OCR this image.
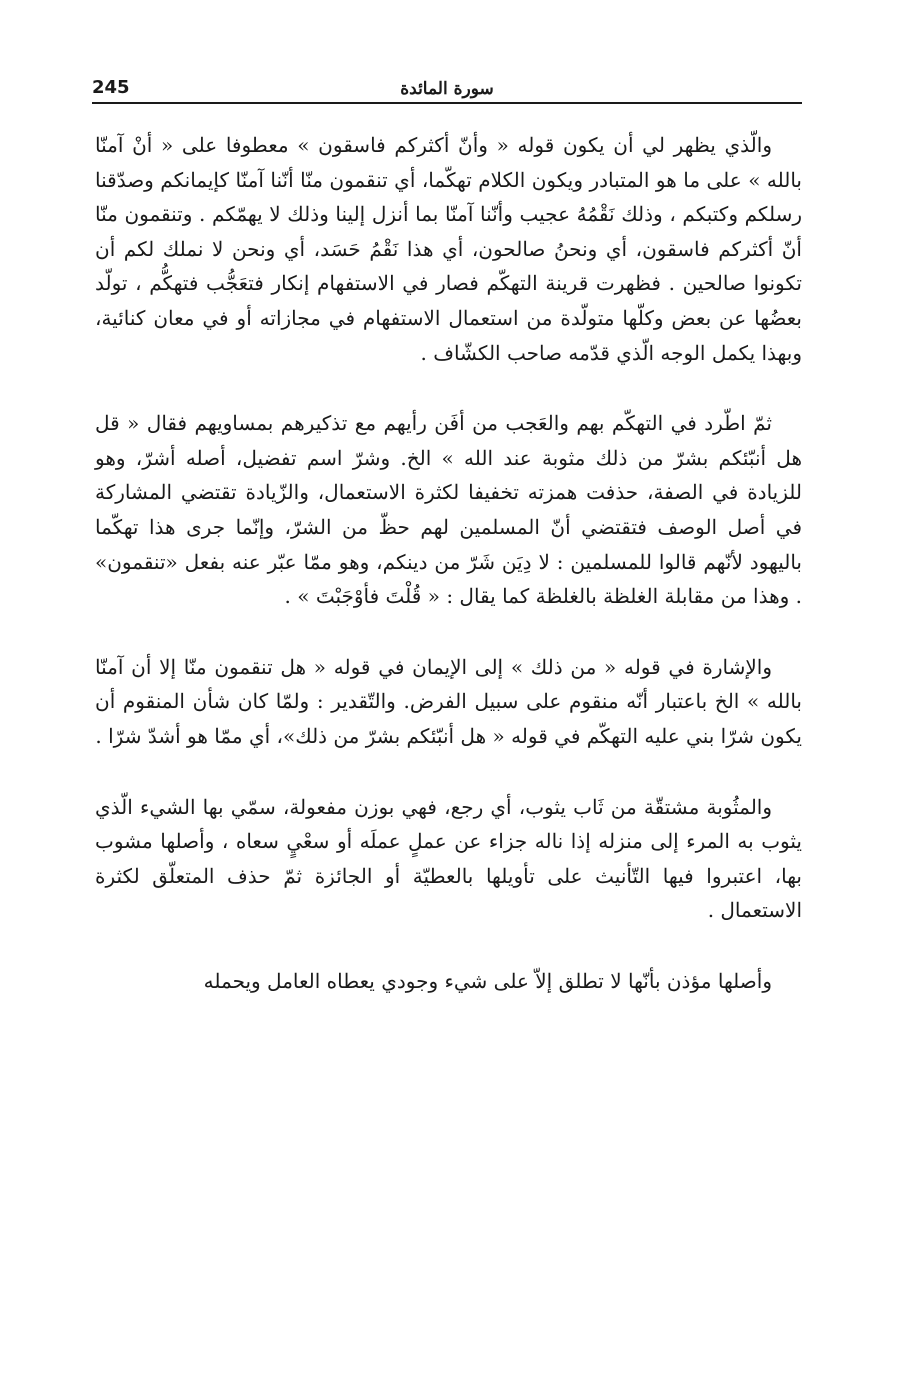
سورة المائدة
245

والّذي يظهر لي أن يكون قوله « وأنّ أكثركم فاسقون » معطوفا على « أنْ آمنّا بالله » على ما هو المتبادر ويكون الكلام تهكّما، أي تنقمون منّا أنّنا آمنّا كإيمانكم وصدّقنا رسلكم وكتبكم ، وذلك نَقْمُهُ عجيب وأنّنا آمنّا بما أنزل إلينا وذلك لا يهمّكم . وتنقمون منّا أنّ أكثركم فاسقون، أي ونحنُ صالحون، أي هذا نَقْمُ حَسَد، أي ونحن لا نملك لكم أن تكونوا صالحين . فظهرت قرينة التهكّم فصار في الاستفهام إنكار فتعَجُّب فتهكُّم ، تولّد بعضُها عن بعض وكلّها متولّدة من استعمال الاستفهام في مجازاته أو في معان كنائية، وبهذا يكمل الوجه الّذي قدّمه صاحب الكشّاف .

ثمّ اطّرد في التهكّم بهم والعَجب من أفَن رأيهم مع تذكيرهم بمساويهم فقال « قل هل أنبّئكم بشرّ من ذلك مثوبة عند الله » الخ. وشرّ اسم تفضيل، أصله أشرّ، وهو للزيادة في الصفة، حذفت همزته تخفيفا لكثرة الاستعمال، والزّيادة تقتضي المشاركة في أصل الوصف فتقتضي أنّ المسلمين لهم حظّ من الشرّ، وإنّما جرى هذا تهكّما باليهود لأنّهم قالوا للمسلمين : لا دِيَن شَرّ من دينكم، وهو ممّا عبّر عنه بفعل «تنقمون» . وهذا من مقابلة الغلظة بالغلظة كما يقال : « قُلْتَ فأوْجَبْتَ » .

والإشارة في قوله « من ذلك » إلى الإيمان في قوله « هل تنقمون منّا إلا أن آمنّا بالله » الخ باعتبار أنّه منقوم على سبيل الفرض. والتّقدير : ولمّا كان شأن المنقوم أن يكون شرّا بني عليه التهكّم في قوله « هل أنبّئكم بشرّ من ذلك»، أي ممّا هو أشدّ شرّا .

والمثُوبة مشتقّة من ثَاب يثوب، أي رجع، فهي بوزن مفعولة، سمّي بها الشيء الّذي يثوب به المرء إلى منزله إذا ناله جزاء عن عملٍ عملَه أو سعْيٍ سعاه ، وأصلها مشوب بها، اعتبروا فيها التّأنيث على تأويلها بالعطيّة أو الجائزة ثمّ حذف المتعلّق لكثرة الاستعمال .

وأصلها مؤذن بأنّها لا تطلق إلاّ على شيء وجودي يعطاه العامل ويحمله
